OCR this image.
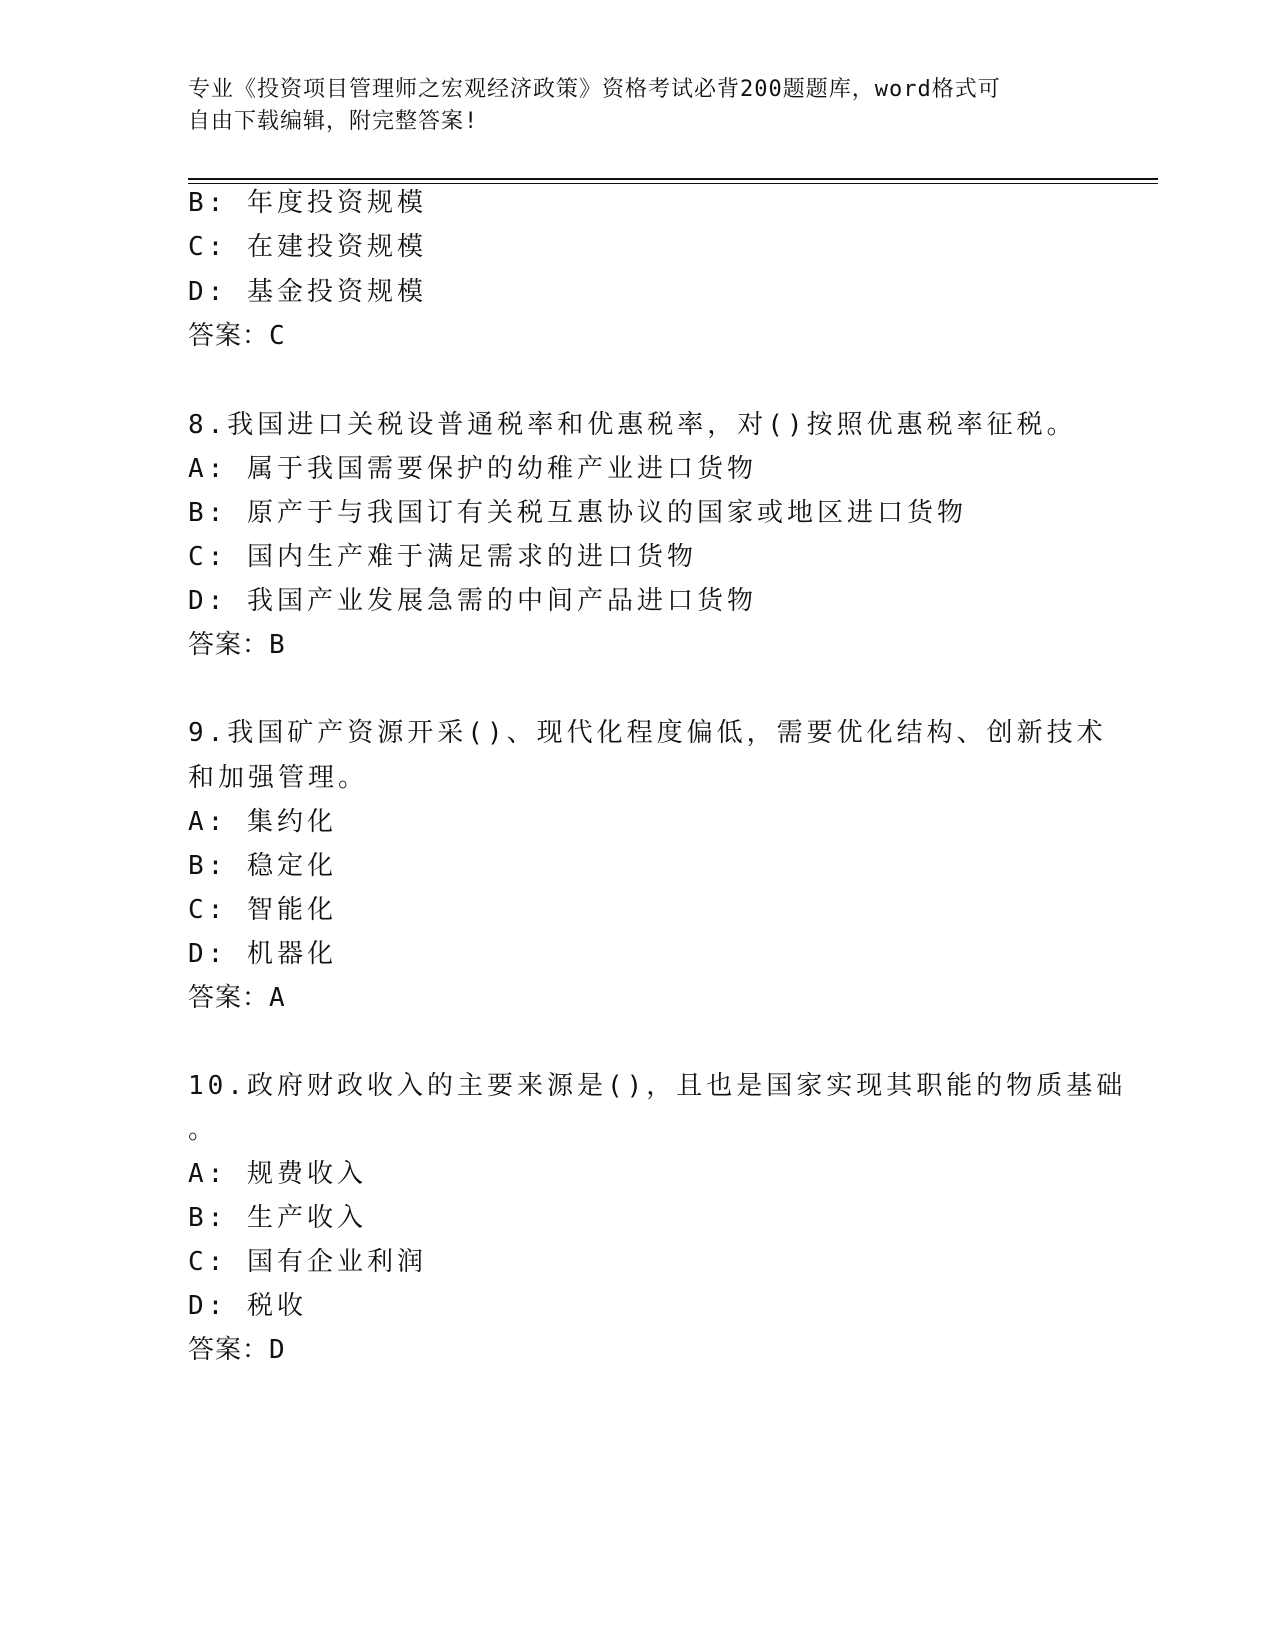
专业《投资项目管理师之宏观经济政策》资格考试必背200题题库，word格式可
自由下载编辑，附完整答案!
B: 年度投资规模
C: 在建投资规模
D: 基金投资规模
答案：C
8.我国进口关税设普通税率和优惠税率，对()按照优惠税率征税。
A: 属于我国需要保护的幼稚产业进口货物
B: 原产于与我国订有关税互惠协议的国家或地区进口货物
C: 国内生产难于满足需求的进口货物
D: 我国产业发展急需的中间产品进口货物
答案：B
9.我国矿产资源开采()、现代化程度偏低，需要优化结构、创新技术
和加强管理。
A: 集约化
B: 稳定化
C: 智能化
D: 机器化
答案：A
10.政府财政收入的主要来源是()，且也是国家实现其职能的物质基础
。
A: 规费收入
B: 生产收入
C: 国有企业利润
D: 税收
答案：D
